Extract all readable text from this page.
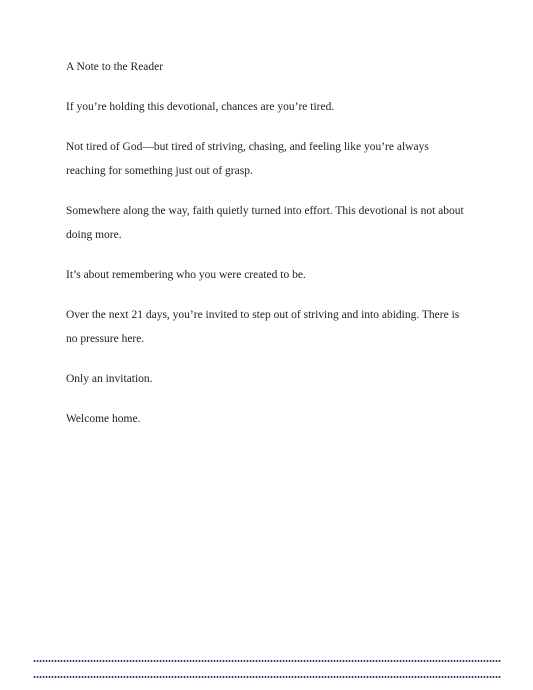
A Note to the Reader

If you’re holding this devotional, chances are you’re tired.

Not tired of God—but tired of striving, chasing, and feeling like you’re always reaching for something just out of grasp.

Somewhere along the way, faith quietly turned into effort. This devotional is not about doing more.

It’s about remembering who you were created to be.

Over the next 21 days, you’re invited to step out of striving and into abiding. There is no pressure here.

Only an invitation.

Welcome home.
